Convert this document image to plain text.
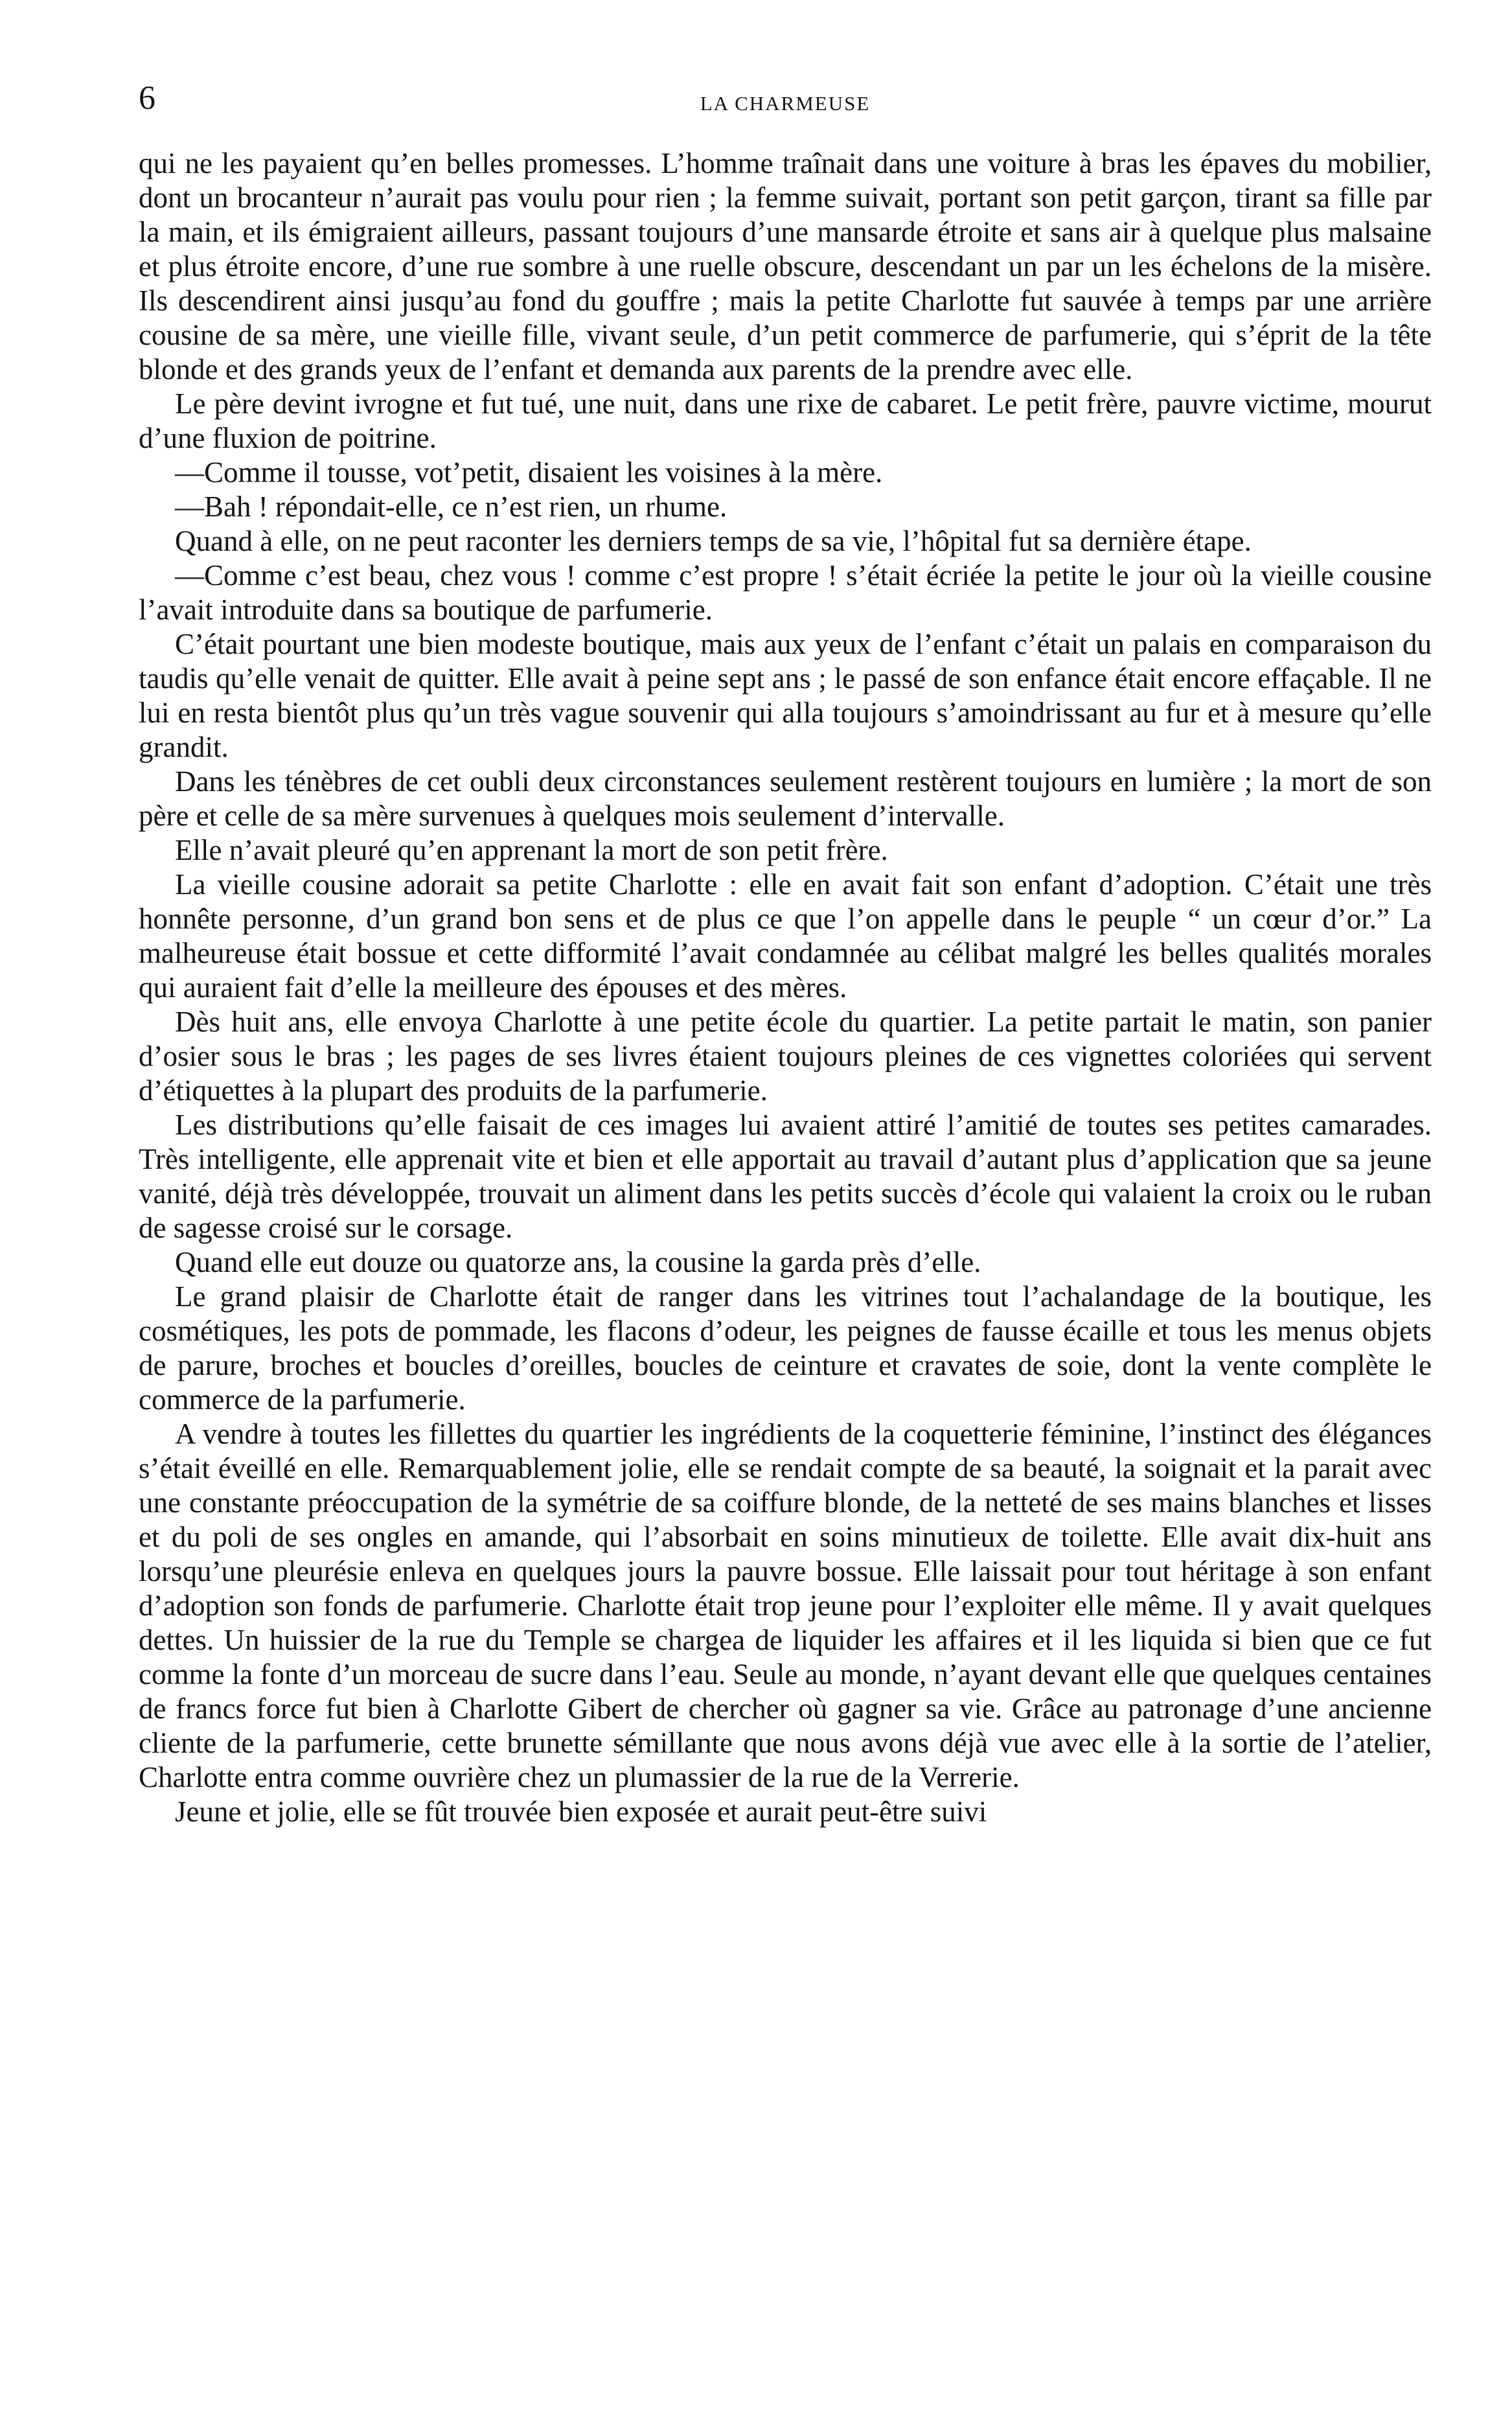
6	LA CHARMEUSE

qui ne les payaient qu’en belles promesses. L’homme traînait dans une voiture à bras les épaves du mobilier, dont un brocanteur n’aurait pas voulu pour rien ; la femme suivait, portant son petit garçon, tirant sa fille par la main, et ils émigraient ailleurs, passant toujours d’une mansarde étroite et sans air à quelque plus malsaine et plus étroite encore, d’une rue sombre à une ruelle obscure, descendant un par un les échelons de la misère. Ils descendirent ainsi jusqu’au fond du gouffre ; mais la petite Charlotte fut sauvée à temps par une arrière cousine de sa mère, une vieille fille, vivant seule, d’un petit commerce de parfumerie, qui s’éprit de la tête blonde et des grands yeux de l’enfant et demanda aux parents de la prendre avec elle.

Le père devint ivrogne et fut tué, une nuit, dans une rixe de cabaret. Le petit frère, pauvre victime, mourut d’une fluxion de poitrine.

—Comme il tousse, vot’petit, disaient les voisines à la mère.

—Bah ! répondait-elle, ce n’est rien, un rhume.

Quand à elle, on ne peut raconter les derniers temps de sa vie, l’hôpital fut sa dernière étape.

—Comme c’est beau, chez vous ! comme c’est propre ! s’était écriée la petite le jour où la vieille cousine l’avait introduite dans sa boutique de parfumerie.

C’était pourtant une bien modeste boutique, mais aux yeux de l’enfant c’était un palais en comparaison du taudis qu’elle venait de quitter. Elle avait à peine sept ans ; le passé de son enfance était encore effaçable. Il ne lui en resta bientôt plus qu’un très vague souvenir qui alla toujours s’amoindrissant au fur et à mesure qu’elle grandit.

Dans les ténèbres de cet oubli deux circonstances seulement restèrent toujours en lumière ; la mort de son père et celle de sa mère survenues à quelques mois seulement d’intervalle.

Elle n’avait pleuré qu’en apprenant la mort de son petit frère.

La vieille cousine adorait sa petite Charlotte : elle en avait fait son enfant d’adoption. C’était une très honnête personne, d’un grand bon sens et de plus ce que l’on appelle dans le peuple “ un cœur d’or.” La malheureuse était bossue et cette difformité l’avait condamnée au célibat malgré les belles qualités morales qui auraient fait d’elle la meilleure des épouses et des mères.

Dès huit ans, elle envoya Charlotte à une petite école du quartier. La petite partait le matin, son panier d’osier sous le bras ; les pages de ses livres étaient toujours pleines de ces vignettes coloriées qui servent d’étiquettes à la plupart des produits de la parfumerie.

Les distributions qu’elle faisait de ces images lui avaient attiré l’amitié de toutes ses petites camarades. Très intelligente, elle apprenait vite et bien et elle apportait au travail d’autant plus d’application que sa jeune vanité, déjà très développée, trouvait un aliment dans les petits succès d’école qui valaient la croix ou le ruban de sagesse croisé sur le corsage.

Quand elle eut douze ou quatorze ans, la cousine la garda près d’elle.

Le grand plaisir de Charlotte était de ranger dans les vitrines tout l’achalandage de la boutique, les cosmétiques, les pots de pommade, les flacons d’odeur, les peignes de fausse écaille et tous les menus objets de parure, broches et boucles d’oreilles, boucles de ceinture et cravates de soie, dont la vente complète le commerce de la parfumerie.

A vendre à toutes les fillettes du quartier les ingrédients de la coquetterie féminine, l’instinct des élégances s’était éveillé en elle. Remarquablement jolie, elle se rendait compte de sa beauté, la soignait et la parait avec une constante préoccupation de la symétrie de sa coiffure blonde, de la netteté de ses mains blanches et lisses et du poli de ses ongles en amande, qui l’absorbait en soins minutieux de toilette. Elle avait dix-huit ans lorsqu’une pleurésie enleva en quelques jours la pauvre bossue. Elle laissait pour tout héritage à son enfant d’adoption son fonds de parfumerie. Charlotte était trop jeune pour l’exploiter elle même. Il y avait quelques dettes. Un huissier de la rue du Temple se chargea de liquider les affaires et il les liquida si bien que ce fut comme la fonte d’un morceau de sucre dans l’eau. Seule au monde, n’ayant devant elle que quelques centaines de francs force fut bien à Charlotte Gibert de chercher où gagner sa vie. Grâce au patronage d’une ancienne cliente de la parfumerie, cette brunette sémillante que nous avons déjà vue avec elle à la sortie de l’atelier, Charlotte entra comme ouvrière chez un plumassier de la rue de la Verrerie.

Jeune et jolie, elle se fût trouvée bien exposée et aurait peut-être suivi
